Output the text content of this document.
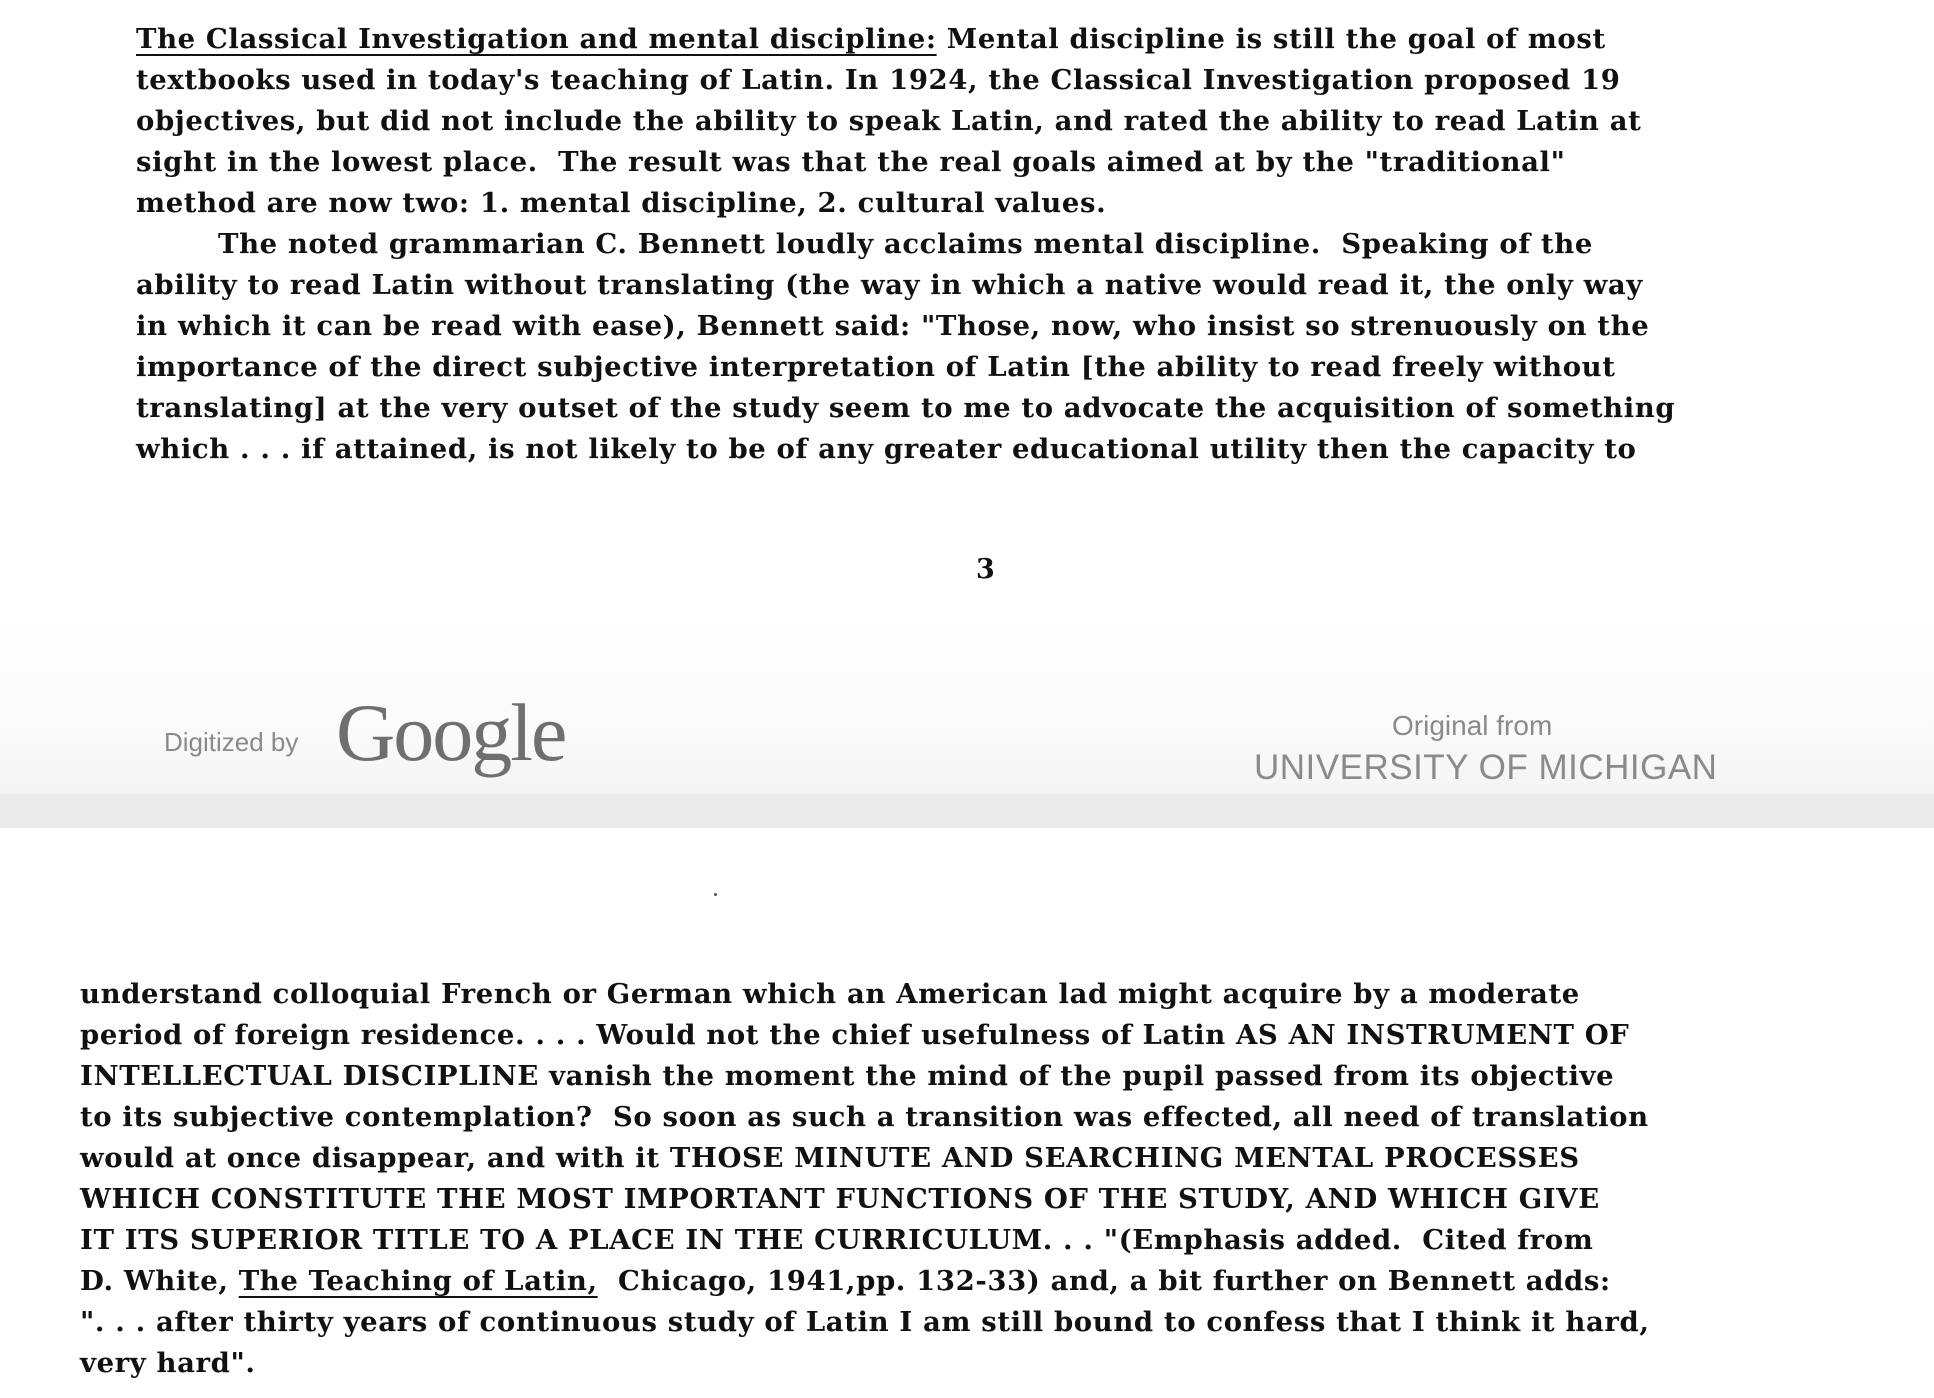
The Classical Investigation and mental discipline: Mental discipline is still the goal of most
textbooks used in today's teaching of Latin. In 1924, the Classical Investigation proposed 19
objectives, but did not include the ability to speak Latin, and rated the ability to read Latin at
sight in the lowest place.  The result was that the real goals aimed at by the "traditional"
method are now two: 1. mental discipline, 2. cultural values.
The noted grammarian C. Bennett loudly acclaims mental discipline.  Speaking of the
ability to read Latin without translating (the way in which a native would read it, the only way
in which it can be read with ease), Bennett said: "Those, now, who insist so strenuously on the
importance of the direct subjective interpretation of Latin [the ability to read freely without
translating] at the very outset of the study seem to me to advocate the acquisition of something
which . . . if attained, is not likely to be of any greater educational utility then the capacity to
3
Digitized by Google	Original from
UNIVERSITY OF MICHIGAN
understand colloquial French or German which an American lad might acquire by a moderate
period of foreign residence. . . . Would not the chief usefulness of Latin AS AN INSTRUMENT OF
INTELLECTUAL DISCIPLINE vanish the moment the mind of the pupil passed from its objective
to its subjective contemplation?  So soon as such a transition was effected, all need of translation
would at once disappear, and with it THOSE MINUTE AND SEARCHING MENTAL PROCESSES
WHICH CONSTITUTE THE MOST IMPORTANT FUNCTIONS OF THE STUDY, AND WHICH GIVE
IT ITS SUPERIOR TITLE TO A PLACE IN THE CURRICULUM. . . "(Emphasis added.  Cited from
D. White, The Teaching of Latin,  Chicago, 1941,pp. 132-33) and, a bit further on Bennett adds:
". . . after thirty years of continuous study of Latin I am still bound to confess that I think it hard,
very hard".
